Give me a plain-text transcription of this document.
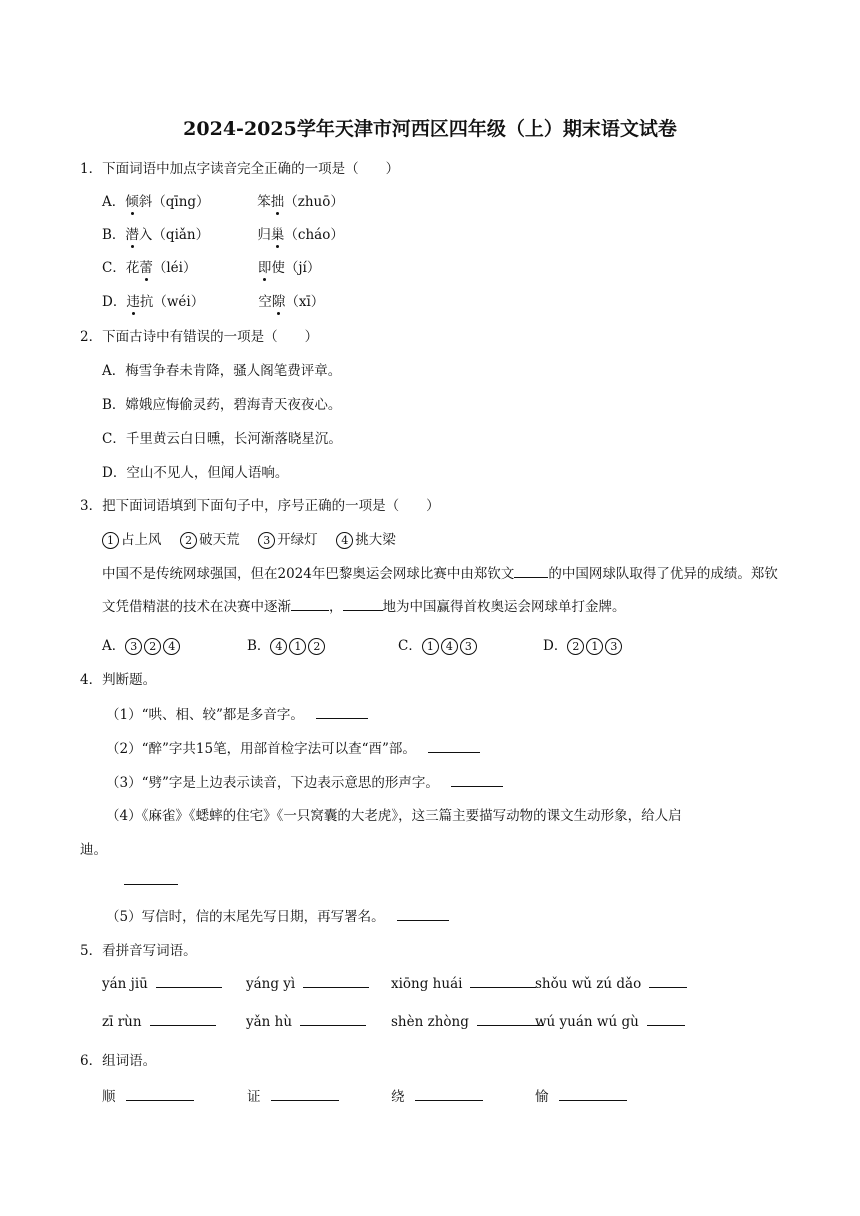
2024-2025学年天津市河西区四年级（上）期末语文试卷
1．下面词语中加点字读音完全正确的一项是（　　）
A．倾斜（qīng）	笨拙（zhuō）
B．潜入（qiǎn）	归巢（cháo）
C．花蕾（léi）	即使（jí）
D．违抗（wéi）	空隙（xī）
2．下面古诗中有错误的一项是（　　）
A．梅雪争春未肯降，骚人阁笔费评章。
B．嫦娥应悔偷灵药，碧海青天夜夜心。
C．千里黄云白日曛，长河渐落晓星沉。
D．空山不见人，但闻人语响。
3．把下面词语填到下面句子中，序号正确的一项是（　　）
1 占上风 2 破天荒 3 开绿灯 4 挑大梁
中国不是传统网球强国，但在2024年巴黎奥运会网球比赛中由郑钦文	的中国网球队取得了优异的成绩。郑钦文凭借精湛的技术在决赛中逐渐	，	地为中国赢得首枚奥运会网球单打金牌。
A． 3 2 4	B． 4 1 2	C． 1 4 3	D． 2 1 3
4．判断题。
（1）“哄、相、较”都是多音字。
（2）“醉”字共15笔，用部首检字法可以查“酉”部。
（3）“劈”字是上边表示读音，下边表示意思的形声字。
（4）《麻雀》《蟋蟀的住宅》《一只窝囊的大老虎》，这三篇主要描写动物的课文生动形象，给人启
迪。
（5）写信时，信的末尾先写日期，再写署名。
5．看拼音写词语。
yán jiū	yáng yì	xiōng huái	shǒu wǔ zú dǎo
zī rùn	yǎn hù	shèn zhòng	wú yuán wú gù
6．组词语。
顺	证	绕	愉
